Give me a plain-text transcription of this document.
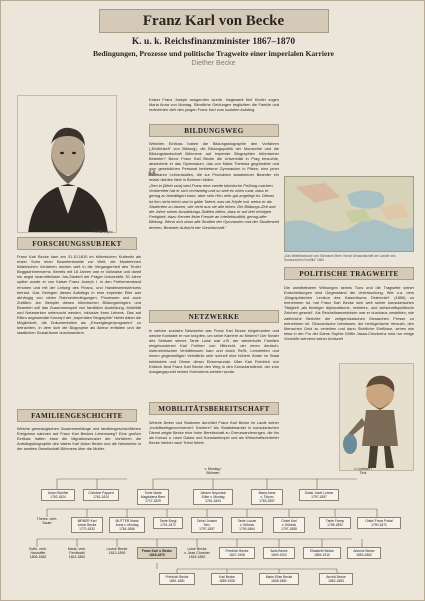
Franz Karl von Becke
K. u. k. Reichsfinanzminister 1867–1870
Bedingungen, Prozesse und politische Tragweite einer imperialen Karriere
Diether Becke
© ÖNB Digital
Kaiser Franz Joseph ausgerufen wurde. Insgesamt fünf Kinder zogen Maria Anna von Montag. Sämtliche Geldungen beglichten die Familie und motivierten vieh den jungen Franz Karl zum sozialen Aufstieg.
BILDUNGSWEG
Welchen Einfluss haben die Bildungsbiographie den Vorfahren („Erblichkeit“ von Bildung), die Bildungspolitik der Monarchie und die Bildungslandschaft Böhmens auf imperiale Biographien böhmischer Beamter? Bevor Franz Karl Becke die Universität in Prag besuchte, absolvierte er das Gymnasium, das von Maria Theresia gegründete und vom gesetzlichen Personal betriebene Gymnasium in Pilsen, eine jener sichtbaren Lehranstalten, die zur Produktion staatstreuer Beamter ein relativ dichtes Netz in Böhmen bilden.
❝
„Den in [Mein rara] wird Franz eine zweite bitanische Prüfung machen. Vorbereitet hat er sich rechtzeitig und so weit es eben rund, dass er genug zu bewältigen kann, aber sein Hirn sehr gut angelegt ist. Dieses ist ihm nicht leicht und er gäbe Talent, was wir Köpfe hat, weiss er als Studenten zu lassen, wie nicht aus sie alle leben. Die Bildungs-Zeit und die Jahre seiner Ausbildungs-Stätten bitten, dass er auf drei richtigen Fertigkeit, dazu Kenner liebe Freude an Intellektualität, genug aller Bildung. Wenn sich dann alle Studien der Gymnasien und der Studienzeit drehen, Beamter Aufsicht der Gesellschaft.“
„Das Mittelländische und Schwarze Meer Verbal Gesandtschaft der Länder des Donaureiches Konflikt“ 1864
FORSCHUNGSSUBJEKT
Franz Karl Becke kam am 31.10.1810 im böhmischen Kuttenitz als erster Sohn einer Beamtenfamilie zur Welt, die Musterinnen bilderischen Vorfahren reichen weit in die Vergangenheit des Tiroler Beggadrinnensems. Bereits mit 18 Jahren war er Vollwaise und damit ein angst nearmittelloser Jus-Student der Prager Universität. 30 Jahre später wurde er von Kaiser Franz Joseph I. in den Freiherrenstand erhoben und mit der Leitung des Finanz- und Handelsministeriums betraut. Das Gelingen dieses Aufstiegs in eine imperiale Elite war abhängig von vielen Rahmenbedingungen, Prozessen und auch Zufällen. Am Beispiel dieses böhmischen Bildungsbürgers und Beamten soll das Zusammenspiel von familiärer Ausbildung, Mobilität und Netzwerken untersucht werden, inklusive ihres Lebens. Das auf Eliten angewandte Konzept der „imperialen Biographie“ bietet dabei die Möglichkeit, die Dokumentation als „Einzelgängerprogramm“ zu betrachten, in dem sich die Biographie als Akteur entfalten und die staatlichen Sozialräume durchwandern.
FAMILIENGESCHICHTE
Welche genealogischen Zusammenhänge und familiengeschichtlichen Ereignisse nahmen auf Franz Karl Beckes Lebensweg? Eine großen Einfluss hatten etwa die Migrationsmuster der Vorfahren die Aufstiegsbiographie des Vaters Karl Anton Becke und die Netzwerke in der zweiten Gesellschaft Böhmens über die Mutter.
NETZWERKE
In welche sozialen Netzwerke war Franz Karl Becke eingebunden und welche Kontakte er nun knüpfen, um seine Karriere zu fördern? Der Kinder des Seltsam seines Tante Luise war z.B. der wiederholte Familien eingebundenen Karl Freiherr von Hilbrecht, der einen deutsch-österreichischen Verhältnissen kam und durch ReSt, Lernefelten und einem gegenseitigen Verhältnis sehr schnell eine höhere Ämter im Staat bekleidete und Ohmer dieser Einkenwunde. Über Karl Friedrich von Kübeck fand Franz Karl Becke den Weg in den Konsularsdienst, der zum Ausgangspunkt seines Vorrückens werden wurde.
MOBILITÄTSBEREITSCHAFT
Welche Ämter und Stationen durchlief Franz Karl Becke im Laufe seiner „mobilitaetsgenommenen“ Karriere? Als Staatsbeamter in konsularischen Dienst zeigte Becke eine hohe Bereitschaft zu Grenzwanderungen, die ihn als Konsul u. nach Galatz und Konstantinopel und als Wirtschaftsvertreter Becke hierbei nach Triest führte.
POLITISCHE TRAGWEITE
Die unmittelbaren Wirkungen seines Tuns und die Tragweite seiner Entscheidungen sind Gegenstand der Untersuchung. Wie u.a. dem „Biographischen Lexikon des Kaiserthums Österreich“ (1856) zu entnehmen ist, hat Franz Karl Becke sich weit seiner konsularischen Tätigkeit „als tüchtiger diplomatische, verkehrs- und wirtschaftspolitische Zeichen gesetzt“. Als Reichsfinanzminister war er durchaus umstritten, wie zahlreiche Berichte der zeitgenössischen Monarchen Presse zu entnehmen ist. Ökonomische Umwissen, der betrügerische Versuch, den Menschen Geld zu verleihen und dann Sichtliche Einflüsse, sehen wie etwa in der Fru der Dame Sophie Griffin Jassa-Chunkeinz sind nur einige Vorwürfe wehrend seiner Amtszeit
v. Montag /
Böhmen
v. Lichtner /
Tirol
Anton Bonifiel
1752-1824
Christine Pappert
1761-1824
Tonie Maria
Magdalena Beer
1747-1829
Johann Nepomuk
Edler v. Montag
1761-1843
Maria Anna
v. Tirlyno
1783-1857
Oskar Josef Lohner
1797-1857
Theres. verh.
Sauer
MRNER Karl
Anton Becke
1770-1832
MUTTER Maria
Anna v. Montag
1784-1866
Tante Burgl
1791-1872
Onkel Johann
Sen.
1797-1857
Tante Louise
v. Kübeck
1799-1864
Onkel Karl
v. Kübeck
1797-1858
Tante Fanny
1798-1892
Onkel Franz Portal
1790-1871
Sofie, verh.
Hausoffer
1806-1862
Maria, verh.
Ferdiwald
1811-1862
Louise Becke
1813-1890
Franz Karl v. Becke
1818-1870
Luise Becke
v. Jean-Charnier
1816-1862
Friedrich Becke
1847-1908
Alois Becke
1849-1902
Elisabeth Becke
1854-1910
Antonie Becke
1853-1882
Friedrich Becke
1851-1881
Karl Becke
1859-1908
Marie-Elise Becke
1848-1881
Arnold Becke
1862-1883
